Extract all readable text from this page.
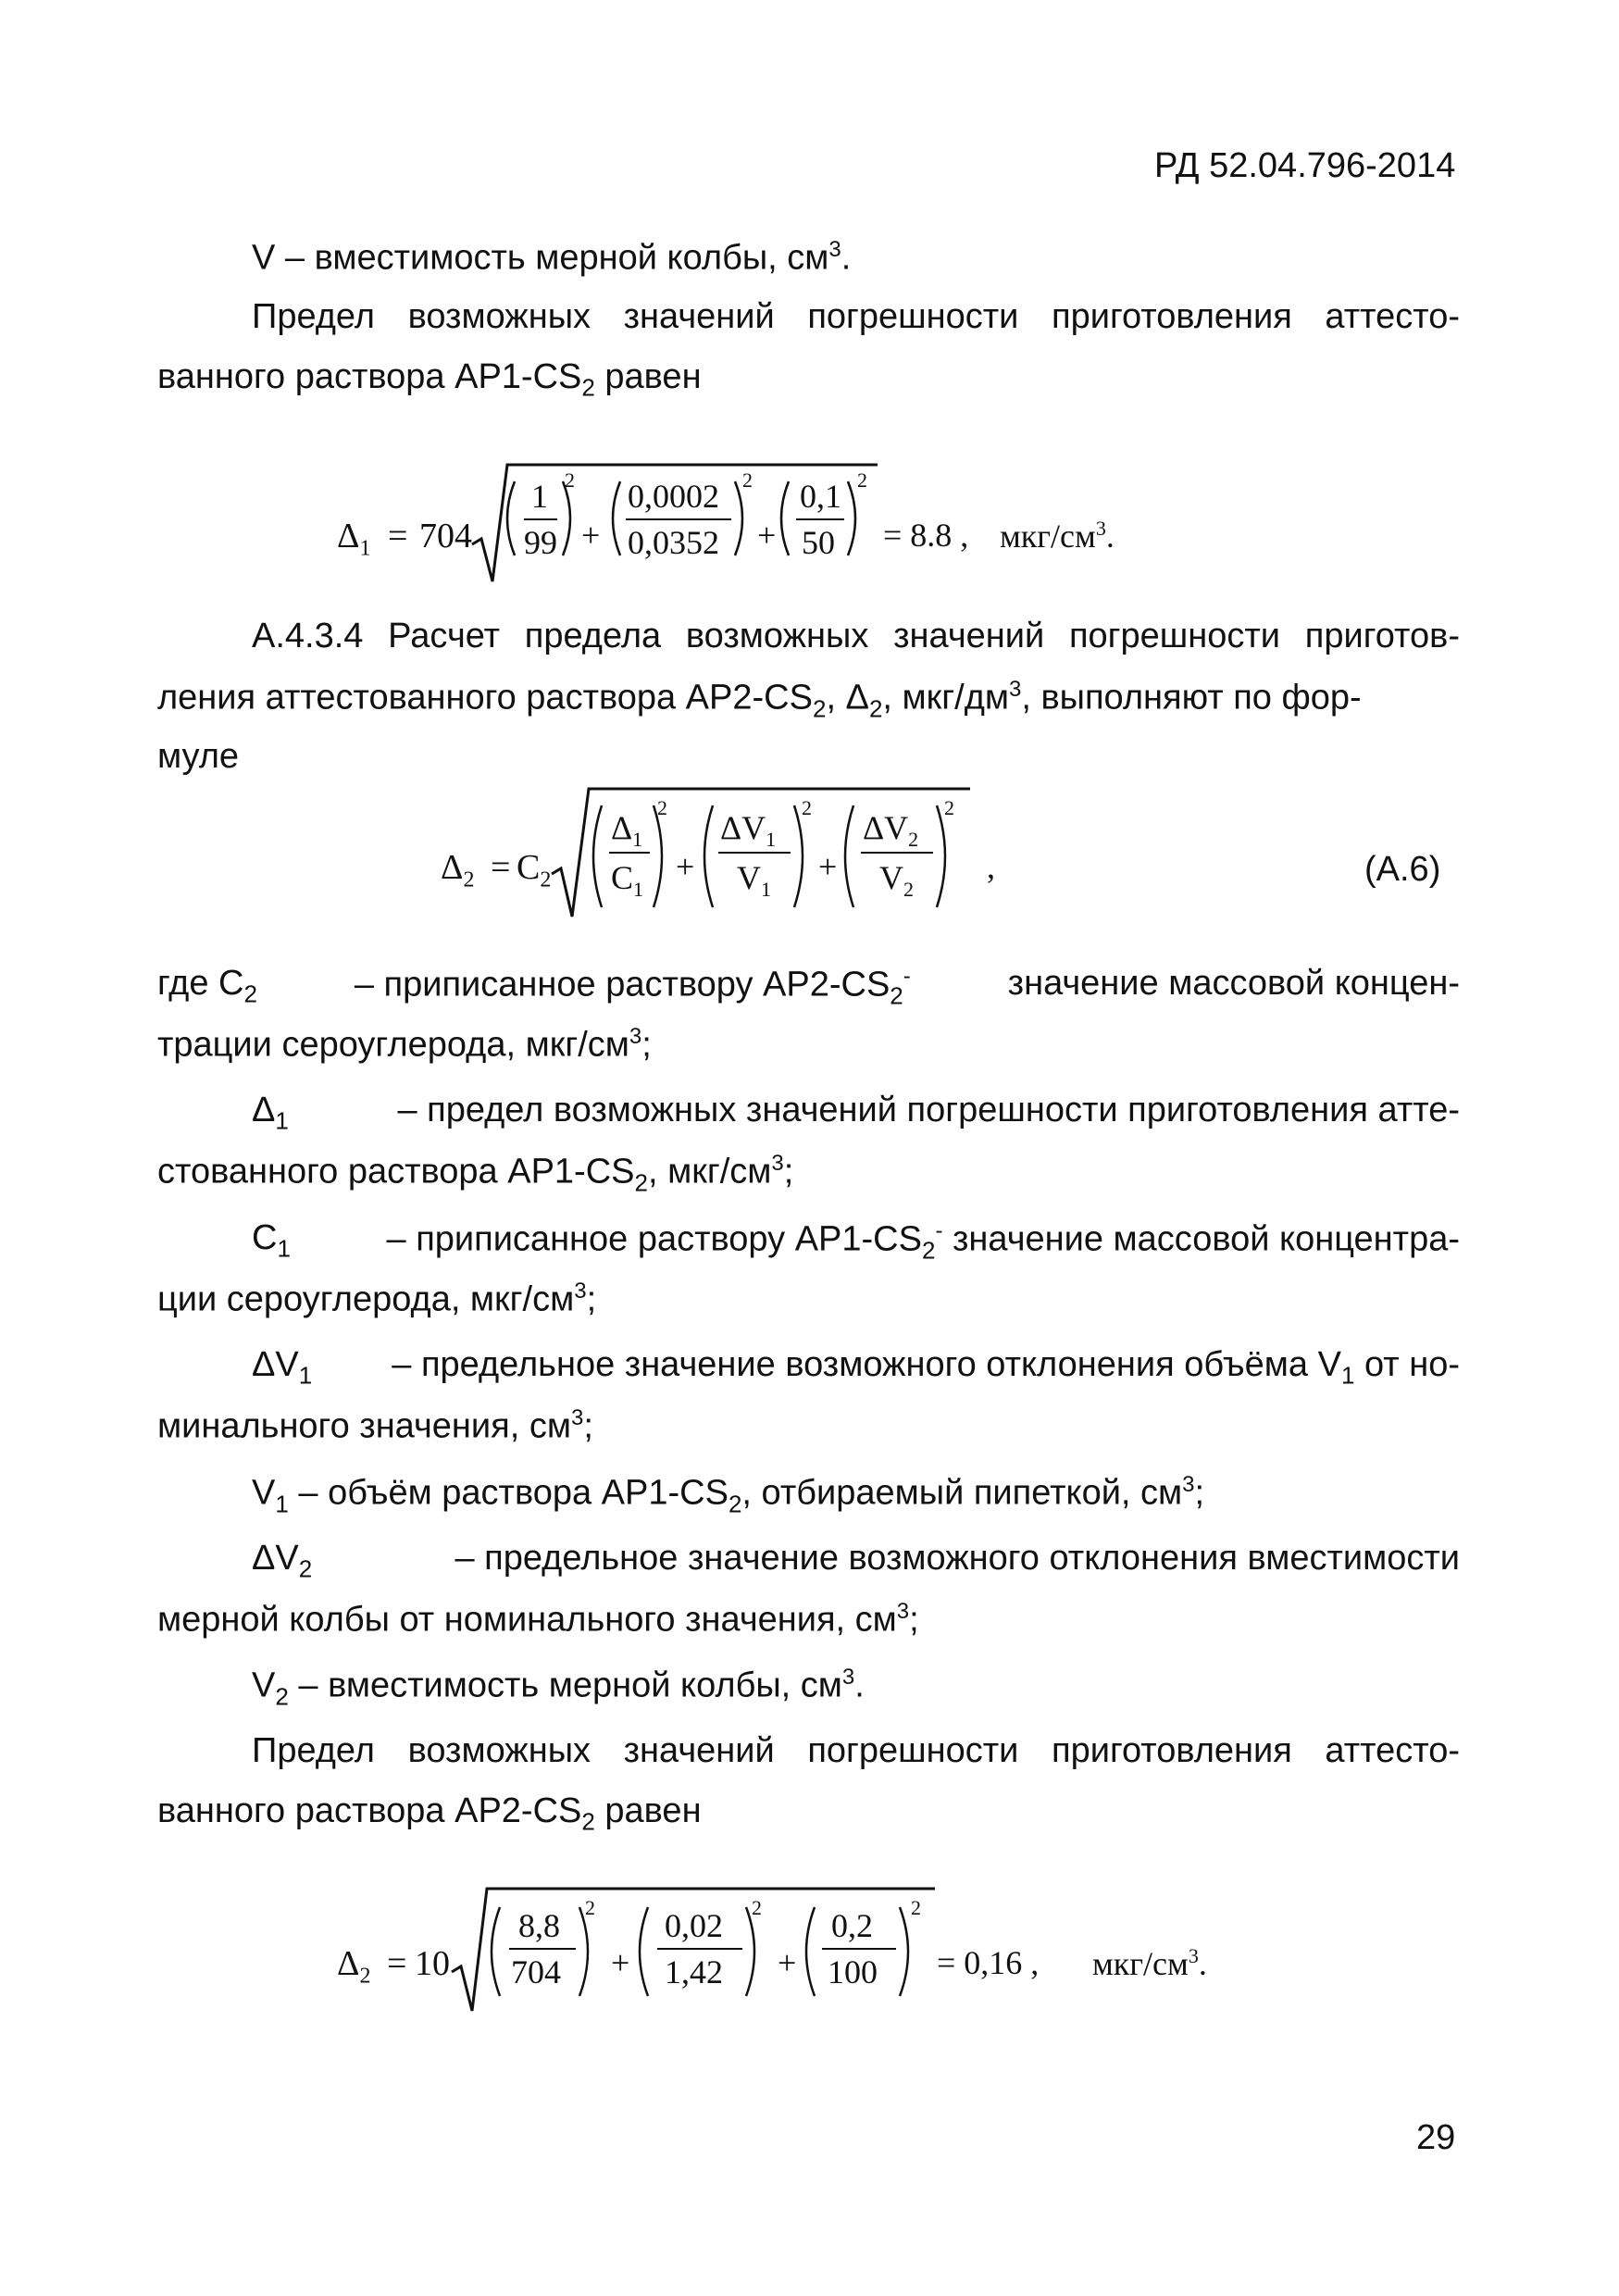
РД 52.04.796-2014
V – вместимость мерной колбы, $см^3$.
Предел возможных значений погрешности приготовления аттесто-
ванного раствора $АР1-CS_2$ равен
$\Delta_1 = 704$
1
99
2
+
0,0002
0,0352
2
+
0,1
50
2
= 8.8 , мкг/$см^3$.
А.4.3.4 Расчет предела возможных значений погрешности приготов-
ления аттестованного раствора $АР2-CS_2$, $\Delta_2$, мкг/$дм^3$, выполняют по фор-
муле
$\Delta_2 = C_2$
$\Delta_1$
$C_1$
2
+
$\Delta V_1$
$V_1$
2
+
$\Delta V_2$
$V_2$
2
,	(А.6)
где $С_2$	– приписанное раствору $АР2-CS_2^-$	значение массовой концен-
трации сероуглерода, мкг/$см^3$;
$\Delta_1$	– предел возможных значений погрешности приготовления атте-
стованного раствора $АР1-CS_2$, мкг/$см^3$;
$С_1$	– приписанное раствору $АР1-CS_2^-$ значение массовой концентра-
ции сероуглерода, мкг/$см^3$;
$\Delta V_1$ – предельное значение возможного отклонения объёма $V_1$ от но-
минального значения, $см^3$;
$V_1$ – объём раствора $АР1-CS_2$, отбираемый пипеткой, $см^3$;
$\Delta V_2$	– предельное значение возможного отклонения вместимости
мерной колбы от номинального значения, $см^3$;
$V_2$ – вместимость мерной колбы, $см^3$.
Предел возможных значений погрешности приготовления аттесто-
ванного раствора $АР2-CS_2$ равен
$\Delta_2 = 10$
8,8
704
2
+
0,02
1,42
2
+
0,2
100
2
= 0,16 , мкг/$см^3$.
29
